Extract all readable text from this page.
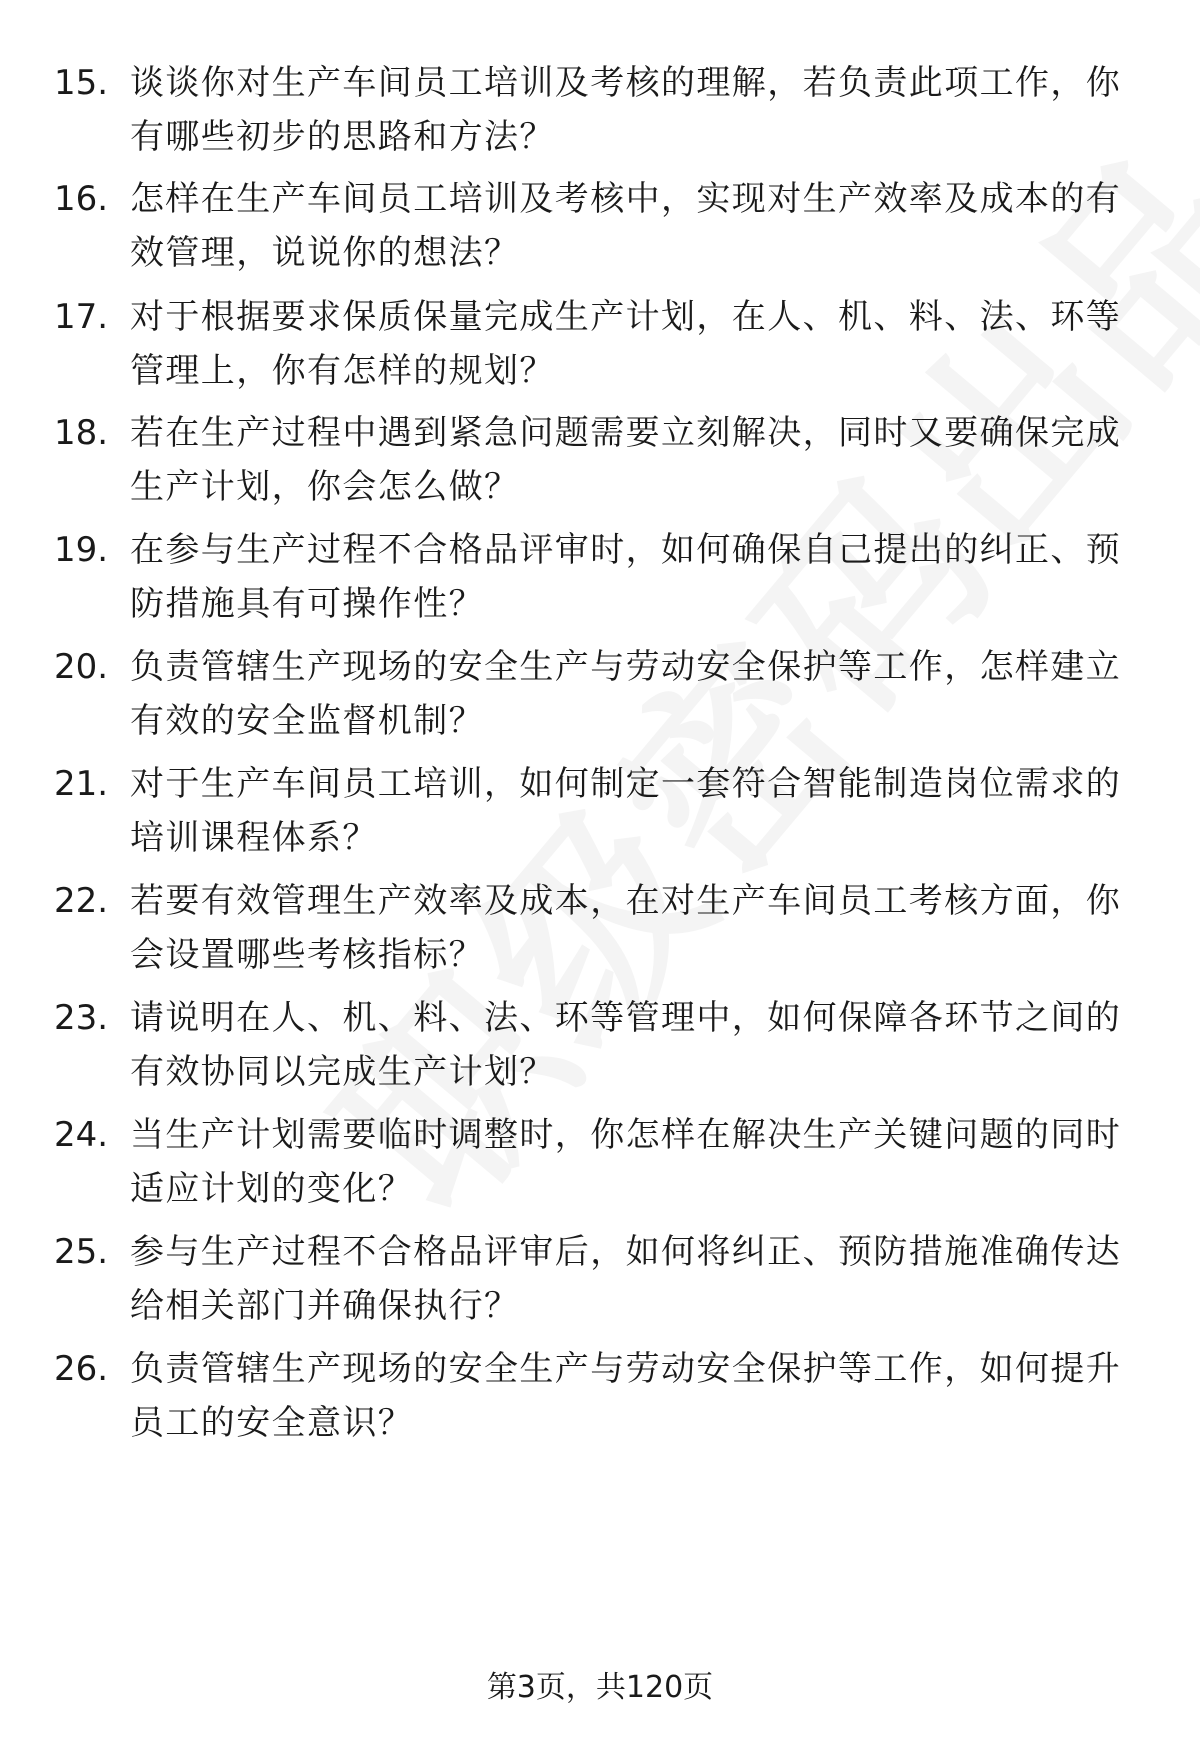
15. 谈谈你对生产车间员工培训及考核的理解，若负责此项工作，你有哪些初步的思路和方法？
16. 怎样在生产车间员工培训及考核中，实现对生产效率及成本的有效管理，说说你的想法？
17. 对于根据要求保质保量完成生产计划，在人、机、料、法、环等管理上，你有怎样的规划？
18. 若在生产过程中遇到紧急问题需要立刻解决，同时又要确保完成生产计划，你会怎么做？
19. 在参与生产过程不合格品评审时，如何确保自己提出的纠正、预防措施具有可操作性？
20. 负责管辖生产现场的安全生产与劳动安全保护等工作，怎样建立有效的安全监督机制？
21. 对于生产车间员工培训，如何制定一套符合智能制造岗位需求的培训课程体系？
22. 若要有效管理生产效率及成本，在对生产车间员工考核方面，你会设置哪些考核指标？
23. 请说明在人、机、料、法、环等管理中，如何保障各环节之间的有效协同以完成生产计划？
24. 当生产计划需要临时调整时，你怎样在解决生产关键问题的同时适应计划的变化？
25. 参与生产过程不合格品评审后，如何将纠正、预防措施准确传达给相关部门并确保执行？
26. 负责管辖生产现场的安全生产与劳动安全保护等工作，如何提升员工的安全意识？
第3页，共120页
